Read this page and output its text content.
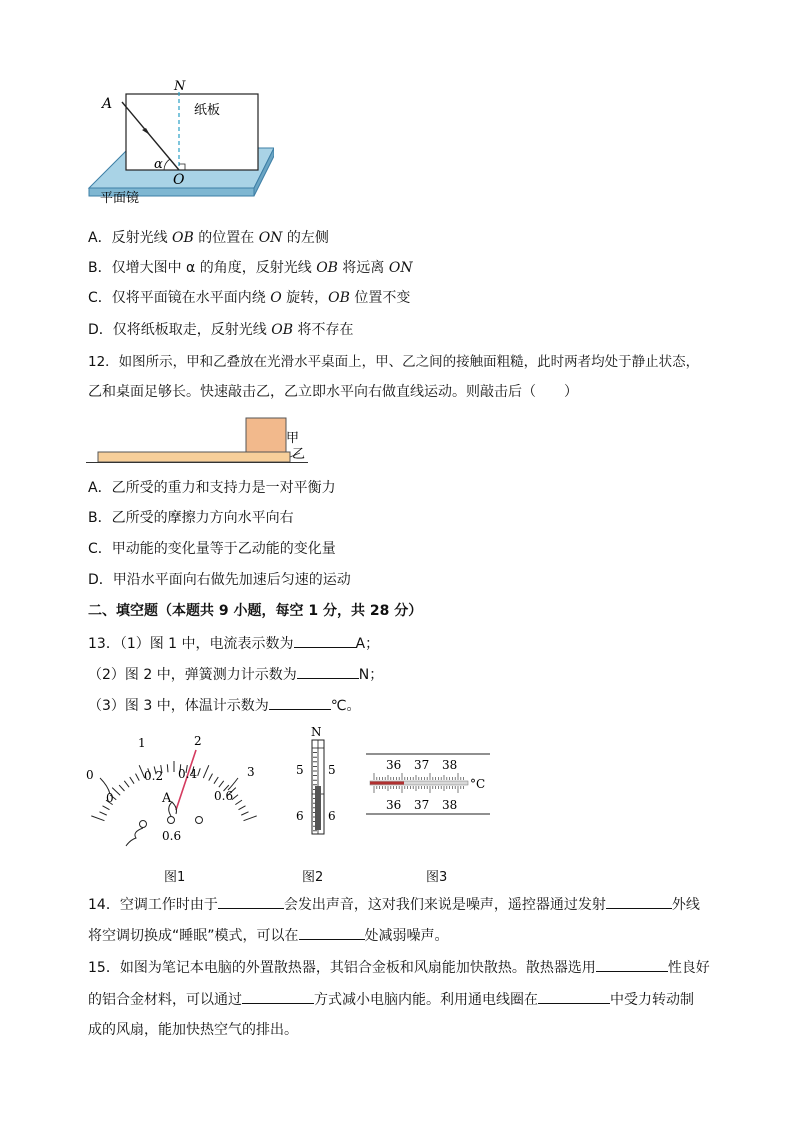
A
N
O
α
纸板
平面镜
A．反射光线 OB 的位置在 ON 的左侧
B．仅增大图中 α 的角度，反射光线 OB 将远离 ON
C．仅将平面镜在水平面内绕 O 旋转，OB 位置不变
D．仅将纸板取走，反射光线 OB 将不存在
12．如图所示，甲和乙叠放在光滑水平桌面上，甲、乙之间的接触面粗糙，此时两者均处于静止状态，
乙和桌面足够长。快速敲击乙，乙立即水平向右做直线运动。则敲击后（　　）
甲
乙
A．乙所受的重力和支持力是一对平衡力
B．乙所受的摩擦力方向水平向右
C．甲动能的变化量等于乙动能的变化量
D．甲沿水平面向右做先加速后匀速的运动
二、填空题（本题共 9 小题，每空 1 分，共 28 分）
13．（1）图 1 中，电流表示数为	A；
（2）图 2 中，弹簧测力计示数为	N；
（3）图 3 中，体温计示数为	℃。
0
1	2
3
0
0.2 0.4
0.6
A
0.6
图1
N
5 5
6 6
图2
36 37 38
36 37 38
°C
图3
14．空调工作时由于	会发出声音，这对我们来说是噪声，遥控器通过发射	外线
将空调切换成“睡眠”模式，可以在	处减弱噪声。
15．如图为笔记本电脑的外置散热器，其铝合金板和风扇能加快散热。散热器选用	性良好
的铝合金材料，可以通过	方式减小电脑内能。利用通电线圈在	中受力转动制
成的风扇，能加快热空气的排出。
